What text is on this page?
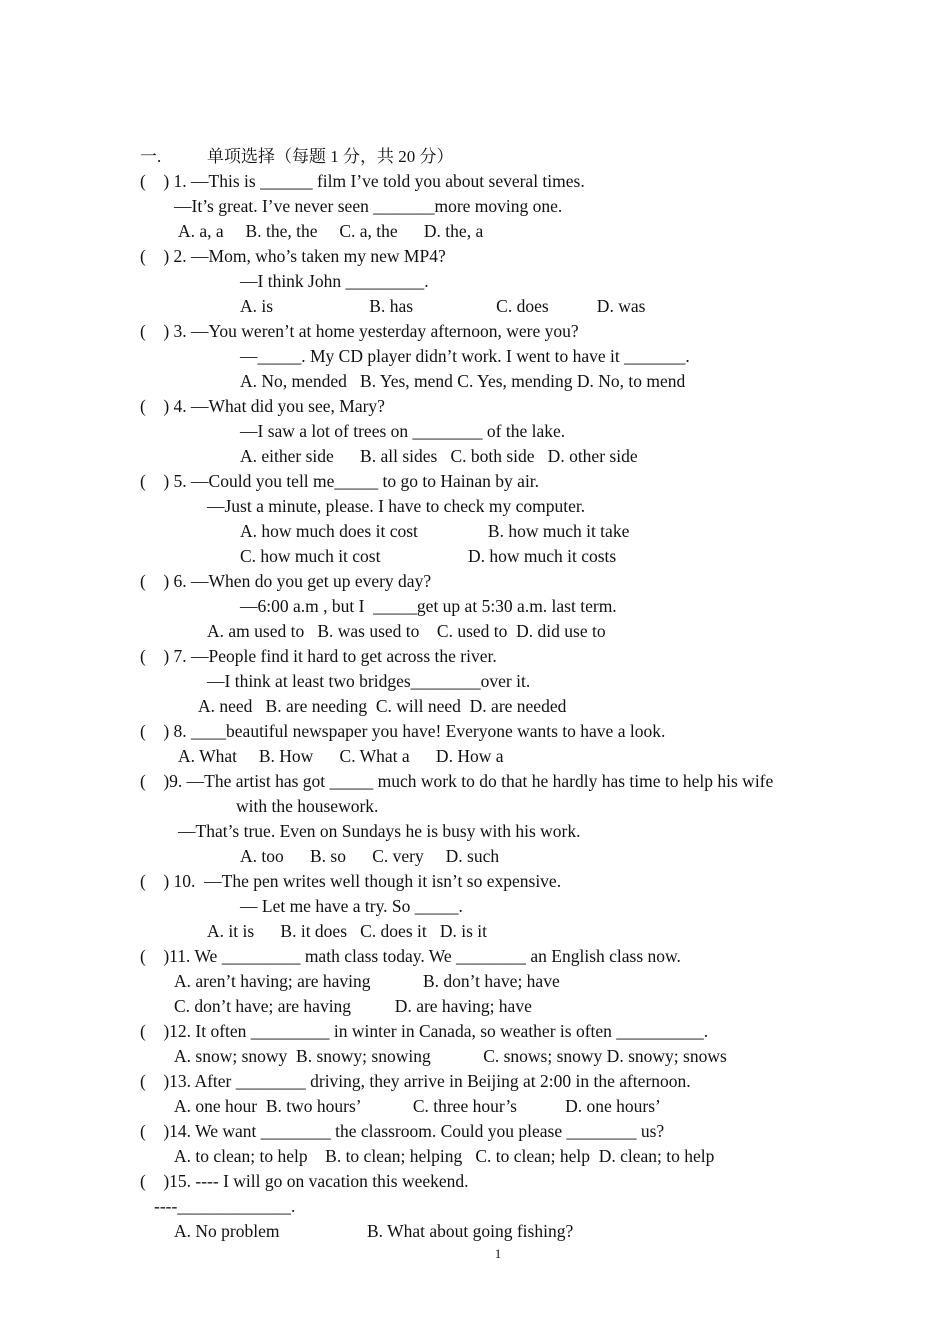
一.	单项选择（每题 1 分，共 20 分）
(    ) 1. —This is ______ film I’ve told you about several times.
—It’s great. I’ve never seen _______more moving one.
A. a, a     B. the, the     C. a, the      D. the, a
(    ) 2. —Mom, who’s taken my new MP4?
—I think John _________.
A. is                      B. has                   C. does           D. was
(    ) 3. —You weren’t at home yesterday afternoon, were you?
—_____. My CD player didn’t work. I went to have it _______.
A. No, mended   B. Yes, mend C. Yes, mending D. No, to mend
(    ) 4. —What did you see, Mary?
—I saw a lot of trees on ________ of the lake.
A. either side      B. all sides   C. both side   D. other side
(    ) 5. —Could you tell me_____ to go to Hainan by air.
—Just a minute, please. I have to check my computer.
A. how much does it cost                B. how much it take
C. how much it cost                    D. how much it costs
(    ) 6. —When do you get up every day?
—6:00 a.m , but I  _____get up at 5:30 a.m. last term.
A. am used to   B. was used to    C. used to  D. did use to
(    ) 7. —People find it hard to get across the river.
—I think at least two bridges________over it.
A. need   B. are needing  C. will need  D. are needed
(    ) 8. ____beautiful newspaper you have! Everyone wants to have a look.
A. What     B. How      C. What a      D. How a
(    )9. —The artist has got _____ much work to do that he hardly has time to help his wife
with the housework.
—That’s true. Even on Sundays he is busy with his work.
A. too      B. so      C. very     D. such
(    ) 10.  —The pen writes well though it isn’t so expensive.
— Let me have a try. So _____.
A. it is      B. it does   C. does it   D. is it
(    )11. We _________ math class today. We ________ an English class now.
A. aren’t having; are having            B. don’t have; have
C. don’t have; are having          D. are having; have
(    )12. It often _________ in winter in Canada, so weather is often __________.
A. snow; snowy  B. snowy; snowing            C. snows; snowy D. snowy; snows
(    )13. After ________ driving, they arrive in Beijing at 2:00 in the afternoon.
A. one hour  B. two hours’            C. three hour’s           D. one hours’
(    )14. We want ________ the classroom. Could you please ________ us?
A. to clean; to help    B. to clean; helping   C. to clean; help  D. clean; to help
(    )15. ---- I will go on vacation this weekend.
----_____________.
A. No problem                    B. What about going fishing?
1
